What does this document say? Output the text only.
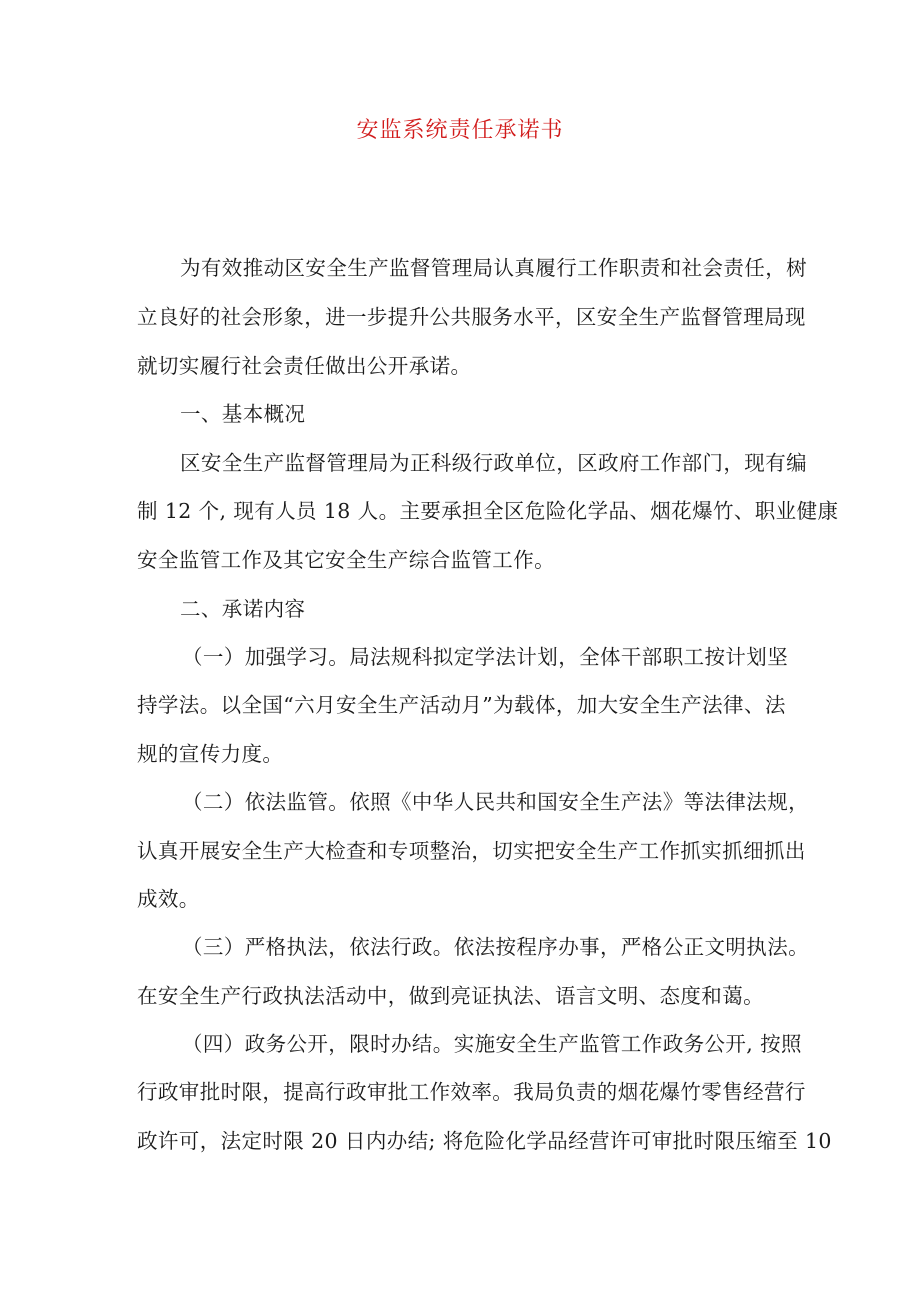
安监系统责任承诺书
为有效推动区安全生产监督管理局认真履行工作职责和社会责任，树
立良好的社会形象，进一步提升公共服务水平，区安全生产监督管理局现
就切实履行社会责任做出公开承诺。
一、基本概况
区安全生产监督管理局为正科级行政单位，区政府工作部门，现有编
制 12 个, 现有人员 18 人。主要承担全区危险化学品、烟花爆竹、职业健康
安全监管工作及其它安全生产综合监管工作。
二、承诺内容
（一）加强学习。局法规科拟定学法计划，全体干部职工按计划坚
持学法。以全国“六月安全生产活动月”为载体，加大安全生产法律、法
规的宣传力度。
（二）依法监管。依照《中华人民共和国安全生产法》等法律法规，
认真开展安全生产大检查和专项整治，切实把安全生产工作抓实抓细抓出
成效。
（三）严格执法，依法行政。依法按程序办事，严格公正文明执法。
在安全生产行政执法活动中，做到亮证执法、语言文明、态度和蔼。
（四）政务公开，限时办结。实施安全生产监管工作政务公开, 按照
行政审批时限，提高行政审批工作效率。我局负责的烟花爆竹零售经营行
政许可，法定时限 20 日内办结; 将危险化学品经营许可审批时限压缩至 10
